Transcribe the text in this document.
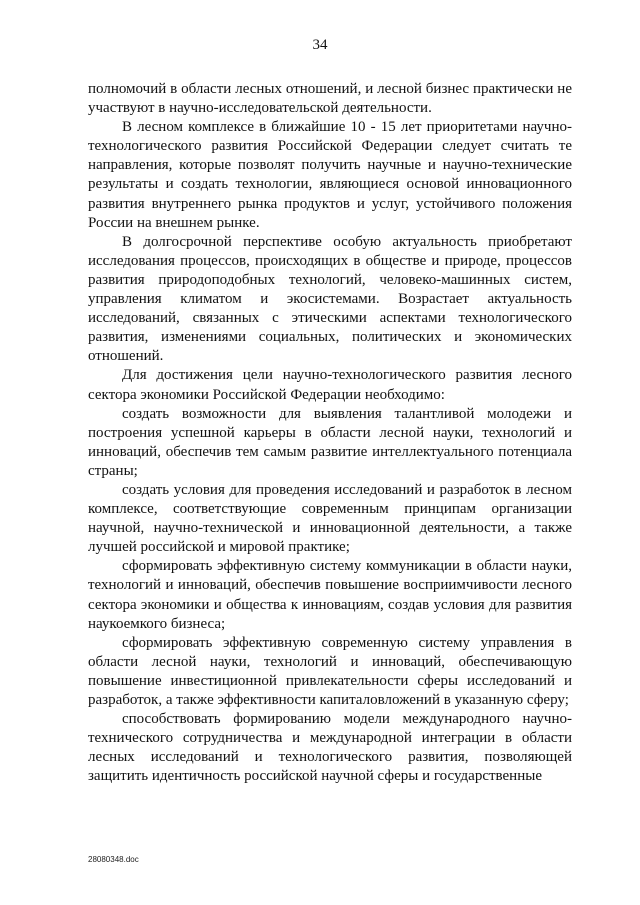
34

полномочий в области лесных отношений, и лесной бизнес практически не участвуют в научно-исследовательской деятельности.

В лесном комплексе в ближайшие 10 - 15 лет приоритетами научно-технологического развития Российской Федерации следует считать те направления, которые позволят получить научные и научно-технические результаты и создать технологии, являющиеся основой инновационного развития внутреннего рынка продуктов и услуг, устойчивого положения России на внешнем рынке.

В долгосрочной перспективе особую актуальность приобретают исследования процессов, происходящих в обществе и природе, процессов развития природоподобных технологий, человеко-машинных систем, управления климатом и экосистемами. Возрастает актуальность исследований, связанных с этическими аспектами технологического развития, изменениями социальных, политических и экономических отношений.

Для достижения цели научно-технологического развития лесного сектора экономики Российской Федерации необходимо:

создать возможности для выявления талантливой молодежи и построения успешной карьеры в области лесной науки, технологий и инноваций, обеспечив тем самым развитие интеллектуального потенциала страны;

создать условия для проведения исследований и разработок в лесном комплексе, соответствующие современным принципам организации научной, научно-технической и инновационной деятельности, а также лучшей российской и мировой практике;

сформировать эффективную систему коммуникации в области науки, технологий и инноваций, обеспечив повышение восприимчивости лесного сектора экономики и общества к инновациям, создав условия для развития наукоемкого бизнеса;

сформировать эффективную современную систему управления в области лесной науки, технологий и инноваций, обеспечивающую повышение инвестиционной привлекательности сферы исследований и разработок, а также эффективности капиталовложений в указанную сферу;

способствовать формированию модели международного научно-технического сотрудничества и международной интеграции в области лесных исследований и технологического развития, позволяющей защитить идентичность российской научной сферы и государственные

28080348.doc
